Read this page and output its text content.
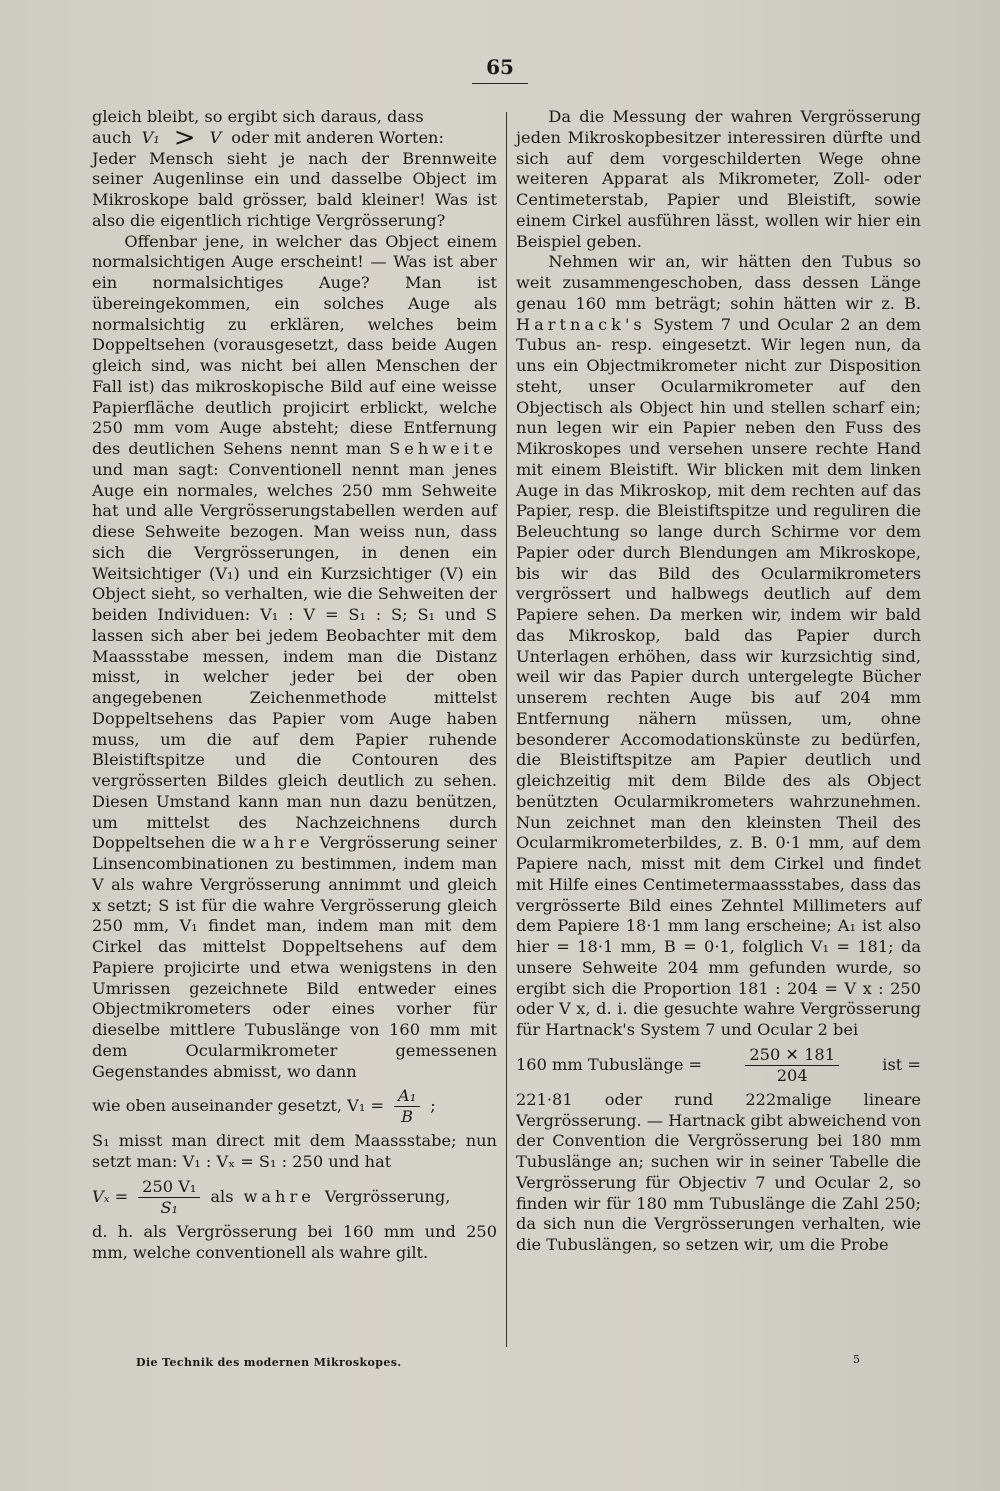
65

gleich bleibt, so ergibt sich daraus, dass

auch V₁ > V oder mit anderen Worten:

Jeder Mensch sieht je nach der Brennweite seiner Augenlinse ein und dasselbe Object im Mikroskope bald grösser, bald kleiner! Was ist also die eigentlich richtige Vergrösserung?

Offenbar jene, in welcher das Object einem normalsichtigen Auge erscheint! — Was ist aber ein normalsichtiges Auge? Man ist übereingekommen, ein solches Auge als normalsichtig zu erklären, welches beim Doppeltsehen (vorausgesetzt, dass beide Augen gleich sind, was nicht bei allen Menschen der Fall ist) das mikroskopische Bild auf eine weisse Papierfläche deutlich projicirt erblickt, welche 250 mm vom Auge absteht; diese Entfernung des deutlichen Sehens nennt man Sehweite und man sagt: Conventionell nennt man jenes Auge ein normales, welches 250 mm Sehweite hat und alle Vergrösserungstabellen werden auf diese Sehweite bezogen. Man weiss nun, dass sich die Vergrösserungen, in denen ein Weitsichtiger (V₁) und ein Kurzsichtiger (V) ein Object sieht, so verhalten, wie die Sehweiten der beiden Individuen: V₁ : V = S₁ : S; S₁ und S lassen sich aber bei jedem Beobachter mit dem Maassstabe messen, indem man die Distanz misst, in welcher jeder bei der oben angegebenen Zeichenmethode mittelst Doppeltsehens das Papier vom Auge haben muss, um die auf dem Papier ruhende Bleistiftspitze und die Contouren des vergrösserten Bildes gleich deutlich zu sehen. Diesen Umstand kann man nun dazu benützen, um mittelst des Nachzeichnens durch Doppeltsehen die wahre Vergrösserung seiner Linsencombinationen zu bestimmen, indem man V als wahre Vergrösserung annimmt und gleich x setzt; S ist für die wahre Vergrösserung gleich 250 mm, V₁ findet man, indem man mit dem Cirkel das mittelst Doppeltsehens auf dem Papiere projicirte und etwa wenigstens in den Umrissen gezeichnete Bild entweder eines Objectmikrometers oder eines vorher für dieselbe mittlere Tubuslänge von 160 mm mit dem Ocularmikrometer gemessenen Gegenstandes abmisst, wo dann

wie oben auseinander gesetzt, $V_1 = \frac{\text{A₁}}{B}$ ;

S₁ misst man direct mit dem Maassstabe; nun setzt man: V₁ : Vₓ = S₁ : 250 und hat

$V_x = \frac{\text{250 V₁}}{\text{S₁}}$ als wahre Vergrösserung,

d. h. als Vergrösserung bei 160 mm und 250 mm, welche conventionell als wahre gilt.

Da die Messung der wahren Vergrösserung jeden Mikroskopbesitzer interessiren dürfte und sich auf dem vorgeschilderten Wege ohne weiteren Apparat als Mikrometer, Zoll- oder Centimeterstab, Papier und Bleistift, sowie einem Cirkel ausführen lässt, wollen wir hier ein Beispiel geben.

Nehmen wir an, wir hätten den Tubus so weit zusammengeschoben, dass dessen Länge genau 160 mm beträgt; sohin hätten wir z. B. Hartnack's System 7 und Ocular 2 an dem Tubus an- resp. eingesetzt. Wir legen nun, da uns ein Objectmikrometer nicht zur Disposition steht, unser Ocularmikrometer auf den Objectisch als Object hin und stellen scharf ein; nun legen wir ein Papier neben den Fuss des Mikroskopes und versehen unsere rechte Hand mit einem Bleistift. Wir blicken mit dem linken Auge in das Mikroskop, mit dem rechten auf das Papier, resp. die Bleistiftspitze und reguliren die Beleuchtung so lange durch Schirme vor dem Papier oder durch Blendungen am Mikroskope, bis wir das Bild des Ocularmikrometers vergrössert und halbwegs deutlich auf dem Papiere sehen. Da merken wir, indem wir bald das Mikroskop, bald das Papier durch Unterlagen erhöhen, dass wir kurzsichtig sind, weil wir das Papier durch untergelegte Bücher unserem rechten Auge bis auf 204 mm Entfernung nähern müssen, um, ohne besonderer Accomodationskünste zu bedürfen, die Bleistiftspitze am Papier deutlich und gleichzeitig mit dem Bilde des als Object benützten Ocularmikrometers wahrzunehmen. Nun zeichnet man den kleinsten Theil des Ocularmikrometerbildes, z. B. 0·1 mm, auf dem Papiere nach, misst mit dem Cirkel und findet mit Hilfe eines Centimetermaassstabes, dass das vergrösserte Bild eines Zehntel Millimeters auf dem Papiere 18·1 mm lang erscheine; A₁ ist also hier = 18·1 mm, B = 0·1, folglich V₁ = 181; da unsere Sehweite 204 mm gefunden wurde, so ergibt sich die Proportion 181 : 204 = V x : 250 oder V x, d. i. die gesuchte wahre Vergrösserung für Hartnack's System 7 und Ocular 2 bei

160 mm Tubuslänge =	$\frac{250 ✕ 181}{204}$	ist =

221·81 oder rund 222malige lineare Vergrösserung. — Hartnack gibt abweichend von der Convention die Vergrösserung bei 180 mm Tubuslänge an; suchen wir in seiner Tabelle die Vergrösserung für Objectiv 7 und Ocular 2, so finden wir für 180 mm Tubuslänge die Zahl 250; da sich nun die Vergrösserungen verhalten, wie die Tubuslängen, so setzen wir, um die Probe

Die Technik des modernen Mikroskopes.	5
